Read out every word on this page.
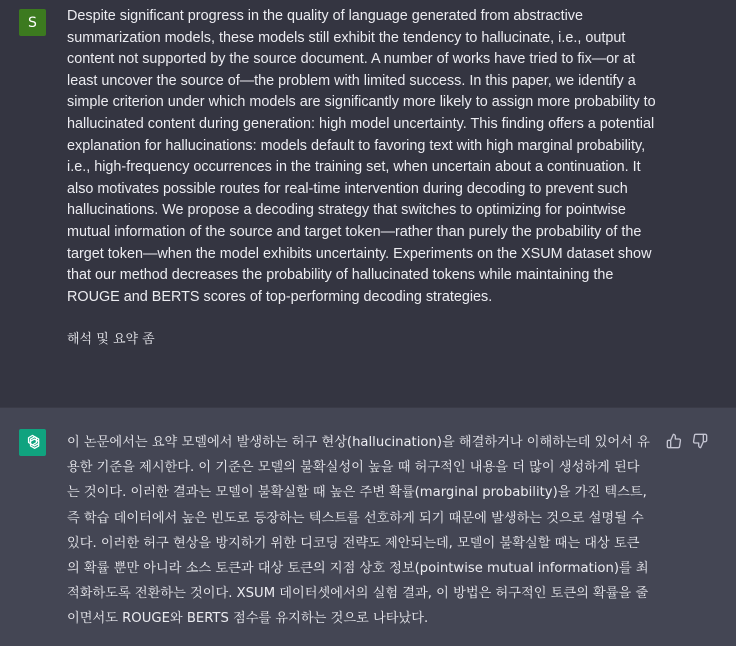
S Despite significant progress in the quality of language generated from abstractive summarization models, these models still exhibit the tendency to hallucinate, i.e., output content not supported by the source document. A number of works have tried to fix—or at least uncover the source of—the problem with limited success. In this paper, we identify a simple criterion under which models are significantly more likely to assign more probability to hallucinated content during generation: high model uncertainty. This finding offers a potential explanation for hallucinations: models default to favoring text with high marginal probability, i.e., high-frequency occurrences in the training set, when uncertain about a continuation. It also motivates possible routes for real-time intervention during decoding to prevent such hallucinations. We propose a decoding strategy that switches to optimizing for pointwise mutual information of the source and target token—rather than purely the probability of the target token—when the model exhibits uncertainty. Experiments on the XSUM dataset show that our method decreases the probability of hallucinated tokens while maintaining the ROUGE and BERTS scores of top-performing decoding strategies.
해석 및 요약 좀
이 논문에서는 요약 모델에서 발생하는 허구 현상(hallucination)을 해결하거나 이해하는데 있어서 유용한 기준을 제시한다. 이 기준은 모델의 불확실성이 높을 때 허구적인 내용을 더 많이 생성하게 된다는 것이다. 이러한 결과는 모델이 불확실할 때 높은 주변 확률(marginal probability)을 가진 텍스트, 즉 학습 데이터에서 높은 빈도로 등장하는 텍스트를 선호하게 되기 때문에 발생하는 것으로 설명될 수 있다. 이러한 허구 현상을 방지하기 위한 디코딩 전략도 제안되는데, 모델이 불확실할 때는 대상 토큰의 확률 뿐만 아니라 소스 토큰과 대상 토큰의 지점 상호 정보(pointwise mutual information)를 최적화하도록 전환하는 것이다. XSUM 데이터셋에서의 실험 결과, 이 방법은 허구적인 토큰의 확률을 줄이면서도 ROUGE와 BERTS 점수를 유지하는 것으로 나타났다.
